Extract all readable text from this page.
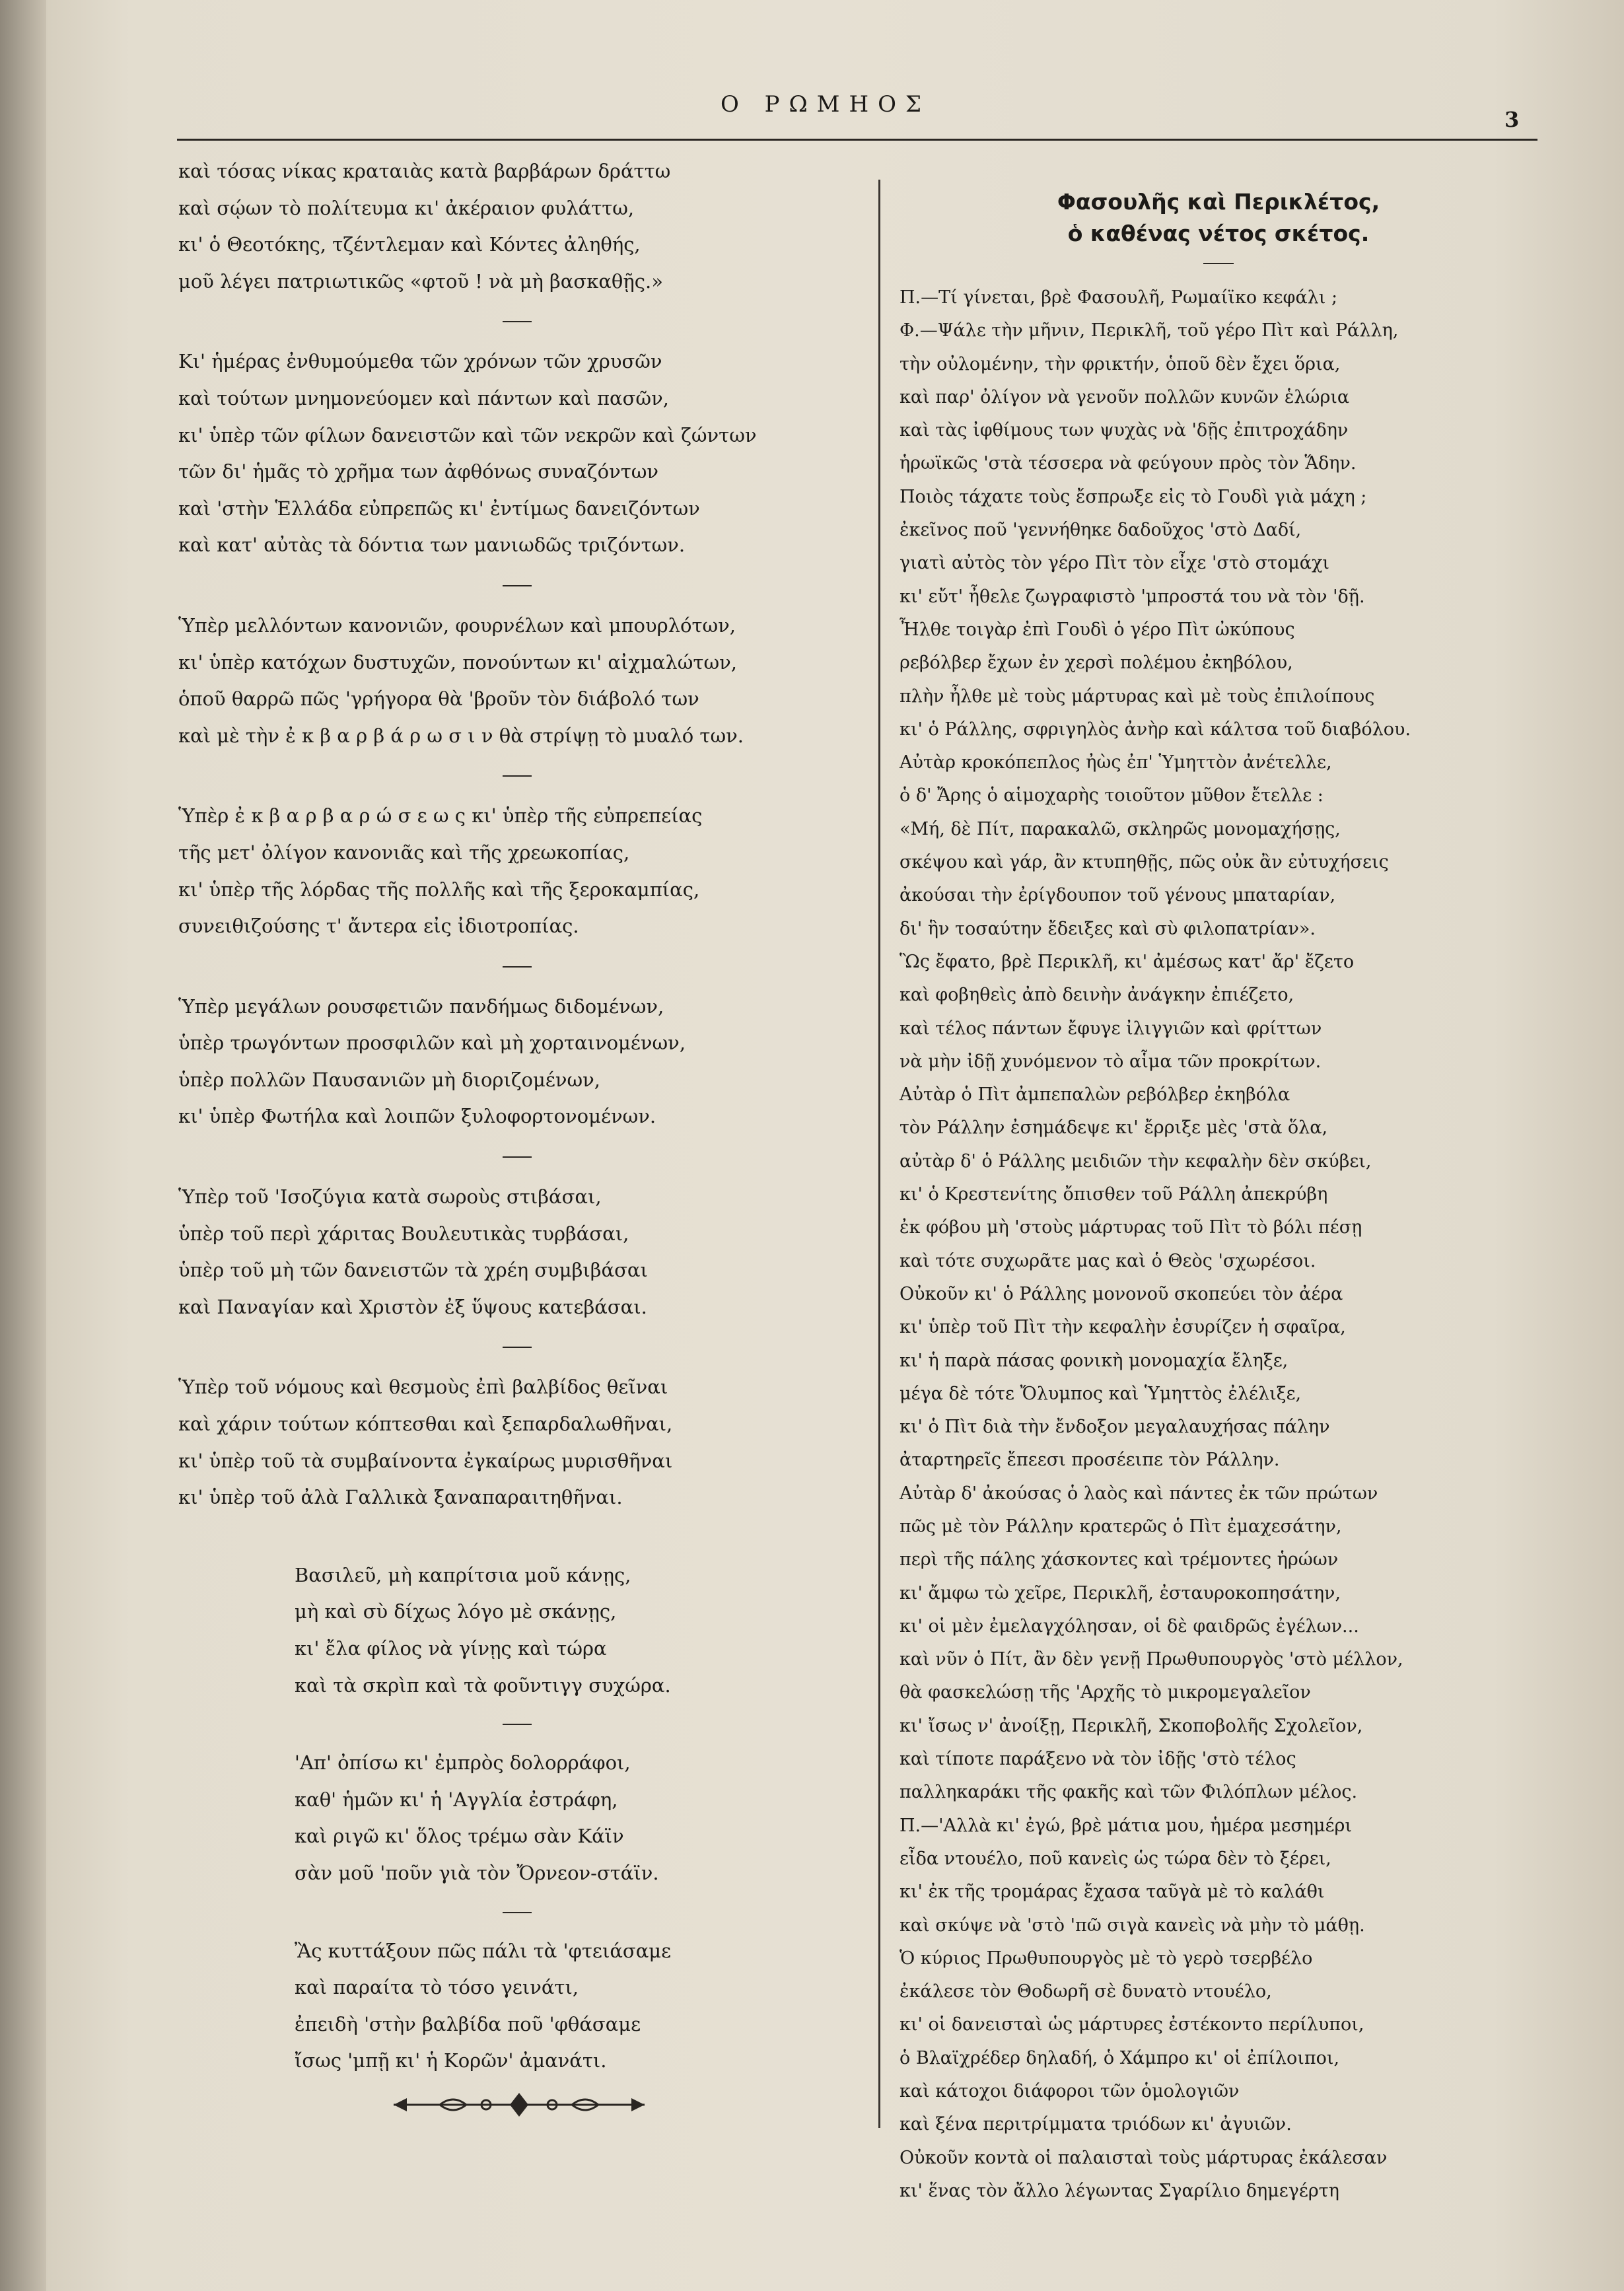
Ο ΡΩΜΗΟΣ
3
καὶ τόσας νίκας κραταιὰς κατὰ βαρβάρων δράττω
καὶ σῴων τὸ πολίτευμα κι' ἀκέραιον φυλάττω,
κι' ὁ Θεοτόκης, τζέντλεμαν καὶ Κόντες ἀληθής,
μοῦ λέγει πατριωτικῶς «φτοῦ ! νὰ μὴ βασκαθῇς.»
Κι' ἡμέρας ἐνθυμούμεθα τῶν χρόνων τῶν χρυσῶν
καὶ τούτων μνημονεύομεν καὶ πάντων καὶ πασῶν,
κι' ὑπὲρ τῶν φίλων δανειστῶν καὶ τῶν νεκρῶν καὶ ζώντων
τῶν δι' ἡμᾶς τὸ χρῆμα των ἀφθόνως συναζόντων
καὶ 'στὴν Ἑλλάδα εὐπρεπῶς κι' ἐντίμως δανειζόντων
καὶ κατ' αὐτὰς τὰ δόντια των μανιωδῶς τριζόντων.
Ὑπὲρ μελλόντων κανονιῶν, φουρνέλων καὶ μπουρλότων,
κι' ὑπὲρ κατόχων δυστυχῶν, πονούντων κι' αἰχμαλώτων,
ὁποῦ θαρρῶ πῶς 'γρήγορα θὰ 'βροῦν τὸν διάβολό των
καὶ μὲ τὴν ἐ κ β α ρ β ά ρ ω σ ι ν θὰ στρίψῃ τὸ μυαλό των.
Ὑπὲρ ἐ κ β α ρ β α ρ ώ σ ε ω ς κι' ὑπὲρ τῆς εὐπρεπείας
τῆς μετ' ὀλίγον κανονιᾶς καὶ τῆς χρεωκοπίας,
κι' ὑπὲρ τῆς λόρδας τῆς πολλῆς καὶ τῆς ξεροκαμπίας,
συνειθιζούσης τ' ἄντερα εἰς ἰδιοτροπίας.
Ὑπὲρ μεγάλων ρουσφετιῶν πανδήμως διδομένων,
ὑπὲρ τρωγόντων προσφιλῶν καὶ μὴ χορταινομένων,
ὑπὲρ πολλῶν Παυσανιῶν μὴ διοριζομένων,
κι' ὑπὲρ Φωτήλα καὶ λοιπῶν ξυλοφορτονομένων.
Ὑπὲρ τοῦ 'Ισοζύγια κατὰ σωροὺς στιβάσαι,
ὑπὲρ τοῦ περὶ χάριτας Βουλευτικὰς τυρβάσαι,
ὑπὲρ τοῦ μὴ τῶν δανειστῶν τὰ χρέη συμβιβάσαι
καὶ Παναγίαν καὶ Χριστὸν ἐξ ὕψους κατεβάσαι.
Ὑπὲρ τοῦ νόμους καὶ θεσμοὺς ἐπὶ βαλβίδος θεῖναι
καὶ χάριν τούτων κόπτεσθαι καὶ ξεπαρδαλωθῆναι,
κι' ὑπὲρ τοῦ τὰ συμβαίνοντα ἐγκαίρως μυρισθῆναι
κι' ὑπὲρ τοῦ ἀλὰ Γαλλικὰ ξαναπαραιτηθῆναι.
Βασιλεῦ, μὴ καπρίτσια μοῦ κάνῃς,
μὴ καὶ σὺ δίχως λόγο μὲ σκάνῃς,
κι' ἔλα φίλος νὰ γίνῃς καὶ τώρα
καὶ τὰ σκρὶπ καὶ τὰ φοῦντιγγ συχώρα.
'Απ' ὀπίσω κι' ἐμπρὸς δολορράφοι,
καθ' ἡμῶν κι' ἡ 'Αγγλία ἐστράφη,
καὶ ριγῶ κι' ὅλος τρέμω σὰν Κάϊν
σὰν μοῦ 'ποῦν γιὰ τὸν Ὄρνεον-στάϊν.
Ἂς κυττάξουν πῶς πάλι τὰ 'φτειάσαμε
καὶ παραίτα τὸ τόσο γεινάτι,
ἐπειδὴ 'στὴν βαλβίδα ποῦ 'φθάσαμε
ἴσως 'μπῇ κι' ἡ Κορῶν' ἀμανάτι.
Φασουλῆς καὶ Περικλέτος,
ὁ καθένας νέτος σκέτος.
Π.—Τί γίνεται, βρὲ Φασουλῆ, Ρωμαίϊκο κεφάλι ;
Φ.—Ψάλε τὴν μῆνιν, Περικλῆ, τοῦ γέρο Πὶτ καὶ Ράλλη,
τὴν οὐλομένην, τὴν φρικτήν, ὁποῦ δὲν ἔχει ὅρια,
καὶ παρ' ὀλίγον νὰ γενοῦν πολλῶν κυνῶν ἑλώρια
καὶ τὰς ἰφθίμους των ψυχὰς νὰ 'δῇς ἐπιτροχάδην
ἡρωϊκῶς 'στὰ τέσσερα νὰ φεύγουν πρὸς τὸν Ἅδην.
Ποιὸς τάχατε τοὺς ἔσπρωξε εἰς τὸ Γουδὶ γιὰ μάχη ;
ἐκεῖνος ποῦ 'γεννήθηκε δαδοῦχος 'στὸ Δαδί,
γιατὶ αὐτὸς τὸν γέρο Πὶτ τὸν εἶχε 'στὸ στομάχι
κι' εὔτ' ἦθελε ζωγραφιστὸ 'μπροστά του νὰ τὸν 'δῇ.
Ἦλθε τοιγὰρ ἐπὶ Γουδὶ ὁ γέρο Πὶτ ὠκύπους
ρεβόλβερ ἔχων ἐν χερσὶ πολέμου ἐκηβόλου,
πλὴν ἦλθε μὲ τοὺς μάρτυρας καὶ μὲ τοὺς ἐπιλοίπους
κι' ὁ Ράλλης, σφριγηλὸς ἀνὴρ καὶ κάλτσα τοῦ διαβόλου.
Αὐτὰρ κροκόπεπλος ἠὼς ἐπ' Ὑμηττὸν ἀνέτελλε,
ὁ δ' Ἄρης ὁ αἱμοχαρὴς τοιοῦτον μῦθον ἔτελλε :
«Μή, δὲ Πίτ, παρακαλῶ, σκληρῶς μονομαχήσῃς,
σκέψου καὶ γάρ, ἂν κτυπηθῇς, πῶς οὐκ ἂν εὐτυχήσεις
ἀκούσαι τὴν ἐρίγδουπον τοῦ γένους μπαταρίαν,
δι' ἣν τοσαύτην ἔδειξες καὶ σὺ φιλοπατρίαν».
Ὣς ἔφατο, βρὲ Περικλῆ, κι' ἀμέσως κατ' ἄρ' ἔζετο
καὶ φοβηθεὶς ἀπὸ δεινὴν ἀνάγκην ἐπιέζετο,
καὶ τέλος πάντων ἔφυγε ἰλιγγιῶν καὶ φρίττων
νὰ μὴν ἰδῇ χυνόμενον τὸ αἷμα τῶν προκρίτων.
Αὐτὰρ ὁ Πὶτ ἀμπεπαλὼν ρεβόλβερ ἐκηβόλα
τὸν Ράλλην ἐσημάδεψε κι' ἔρριξε μὲς 'στὰ ὅλα,
αὐτὰρ δ' ὁ Ράλλης μειδιῶν τὴν κεφαλὴν δὲν σκύβει,
κι' ὁ Κρεστενίτης ὄπισθεν τοῦ Ράλλη ἀπεκρύβη
ἐκ φόβου μὴ 'στοὺς μάρτυρας τοῦ Πὶτ τὸ βόλι πέσῃ
καὶ τότε συχωρᾶτε μας καὶ ὁ Θεὸς 'σχωρέσοι.
Οὐκοῦν κι' ὁ Ράλλης μονονοῦ σκοπεύει τὸν ἀέρα
κι' ὑπὲρ τοῦ Πὶτ τὴν κεφαλὴν ἐσυρίζεν ἡ σφαῖρα,
κι' ἡ παρὰ πάσας φονικὴ μονομαχία ἔληξε,
μέγα δὲ τότε Ὄλυμπος καὶ Ὑμηττὸς ἐλέλιξε,
κι' ὁ Πὶτ διὰ τὴν ἔνδοξον μεγαλαυχήσας πάλην
ἀταρτηρεῖς ἔπεεσι προσέειπε τὸν Ράλλην.
Αὐτὰρ δ' ἀκούσας ὁ λαὸς καὶ πάντες ἐκ τῶν πρώτων
πῶς μὲ τὸν Ράλλην κρατερῶς ὁ Πὶτ ἐμαχεσάτην,
περὶ τῆς πάλης χάσκοντες καὶ τρέμοντες ἡρώων
κι' ἄμφω τὼ χεῖρε, Περικλῆ, ἐσταυροκοπησάτην,
κι' οἱ μὲν ἐμελαγχόλησαν, οἱ δὲ φαιδρῶς ἐγέλων...
καὶ νῦν ὁ Πίτ, ἂν δὲν γενῇ Πρωθυπουργὸς 'στὸ μέλλον,
θὰ φασκελώσῃ τῆς 'Αρχῆς τὸ μικρομεγαλεῖον
κι' ἴσως ν' ἀνοίξῃ, Περικλῆ, Σκοποβολῆς Σχολεῖον,
καὶ τίποτε παράξενο νὰ τὸν ἰδῇς 'στὸ τέλος
παλληκαράκι τῆς φακῆς καὶ τῶν Φιλόπλων μέλος.
Π.—'Αλλὰ κι' ἐγώ, βρὲ μάτια μου, ἡμέρα μεσημέρι
εἶδα ντουέλο, ποῦ κανεὶς ὡς τώρα δὲν τὸ ξέρει,
κι' ἐκ τῆς τρομάρας ἔχασα ταῦγὰ μὲ τὸ καλάθι
καὶ σκύψε νὰ 'στὸ 'πῶ σιγὰ κανεὶς νὰ μὴν τὸ μάθῃ.
Ὁ κύριος Πρωθυπουργὸς μὲ τὸ γερὸ τσερβέλο
ἐκάλεσε τὸν Θοδωρῆ σὲ δυνατὸ ντουέλο,
κι' οἱ δανεισταὶ ὡς μάρτυρες ἐστέκοντο περίλυποι,
ὁ Βλαϊχρέδερ δηλαδή, ὁ Χάμπρο κι' οἱ ἐπίλοιποι,
καὶ κάτοχοι διάφοροι τῶν ὁμολογιῶν
καὶ ξένα περιτρίμματα τριόδων κι' ἀγυιῶν.
Οὐκοῦν κοντὰ οἱ παλαισταὶ τοὺς μάρτυρας ἐκάλεσαν
κι' ἕνας τὸν ἄλλο λέγωντας Σγαρίλιο δημεγέρτη
